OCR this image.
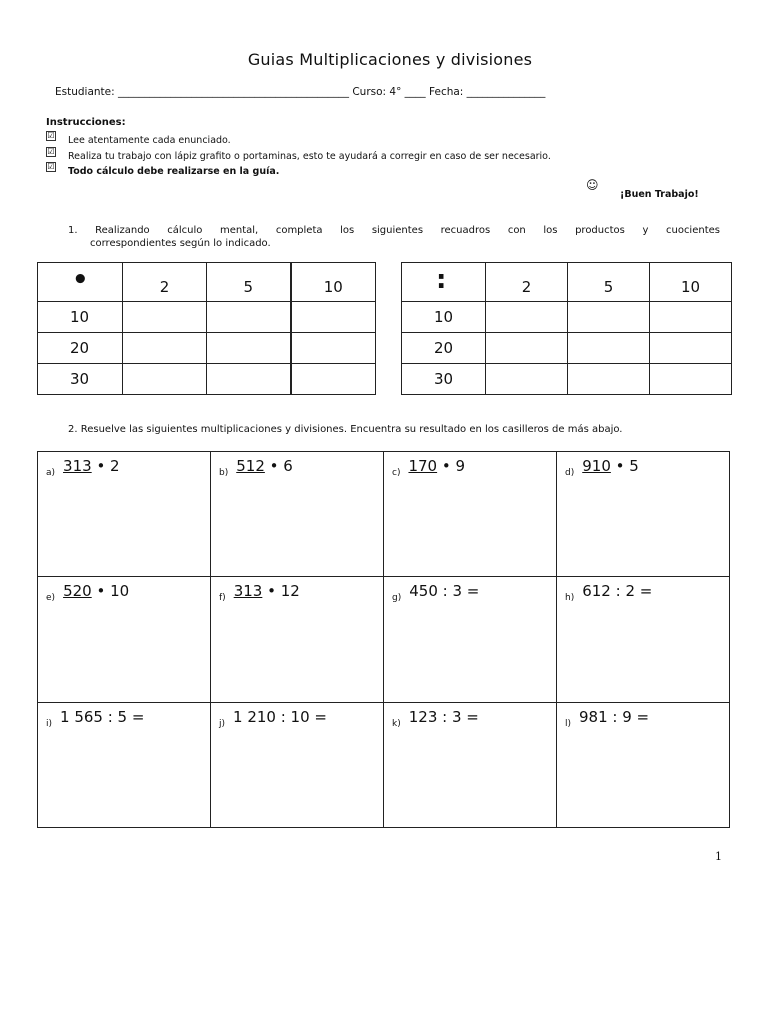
Guias Multiplicaciones y divisiones
Estudiante: ____________________________________________ Curso: 4° ____ Fecha: _______________
Instrucciones:
☑ Lee atentamente cada enunciado.
☑ Realiza tu trabajo con lápiz grafito o portaminas, esto te ayudará a corregir en caso de ser necesario.
☑ Todo cálculo debe realizarse en la guía.
☺
¡Buen Trabajo!
1. Realizando cálculo mental, completa los siguientes recuadros con los productos y cuocientes
correspondientes según lo indicado.
•	2	5	10
10			
20			
30			
:	2	5	10
10			
20			
30			
2. Resuelve las siguientes multiplicaciones y divisiones. Encuentra su resultado en los casilleros de más abajo.
$_{a)}$ 313 • 2	$_{b)}$ 512 • 6	$_{c)}$ 170 • 9	$_{d)}$ 910 • 5
$_{e)}$ 520 • 10	$_{f)}$ 313 • 12	$_{g)}$ 450 : 3 =	$_{h)}$ 612 : 2 =
$_{i)}$ 1 565 : 5 =	$_{j)}$ 1 210 : 10 =	$_{k)}$ 123 : 3 =	$_{l)}$ 981 : 9 =
1
